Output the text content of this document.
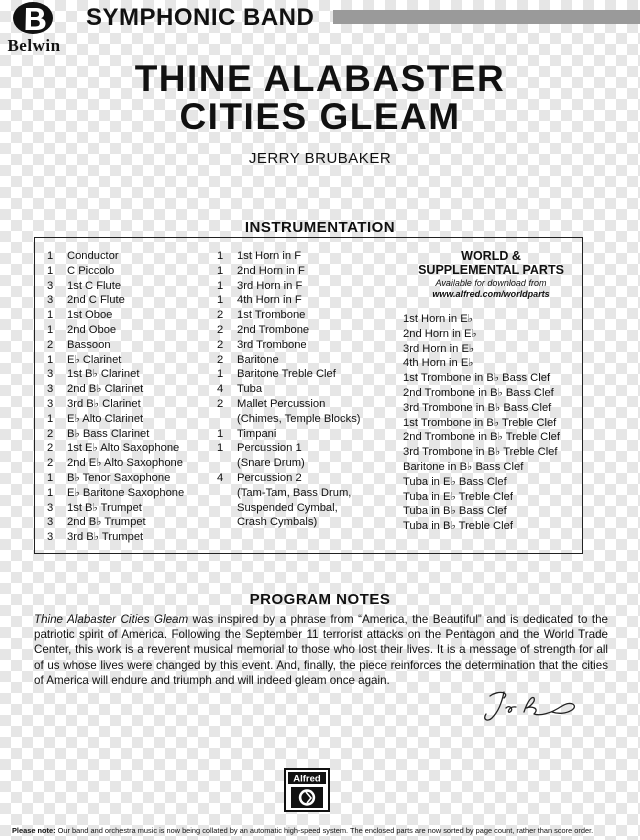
Belwin
SYMPHONIC BAND
THINE ALABASTER
CITIES GLEAM
JERRY BRUBAKER
INSTRUMENTATION
1 Conductor
1 C Piccolo
3 1st C Flute
3 2nd C Flute
1 1st Oboe
1 2nd Oboe
2 Bassoon
1 E♭ Clarinet
3 1st B♭ Clarinet
3 2nd B♭ Clarinet
3 3rd B♭ Clarinet
1 E♭ Alto Clarinet
2 B♭ Bass Clarinet
2 1st E♭ Alto Saxophone
2 2nd E♭ Alto Saxophone
1 B♭ Tenor Saxophone
1 E♭ Baritone Saxophone
3 1st B♭ Trumpet
3 2nd B♭ Trumpet
3 3rd B♭ Trumpet
1 1st Horn in F
1 2nd Horn in F
1 3rd Horn in F
1 4th Horn in F
2 1st Trombone
2 2nd Trombone
2 3rd Trombone
2 Baritone
1 Baritone Treble Clef
4 Tuba
2 Mallet Percussion
(Chimes, Temple Blocks)
1 Timpani
1 Percussion 1
(Snare Drum)
4 Percussion 2
(Tam-Tam, Bass Drum,
Suspended Cymbal,
Crash Cymbals)
WORLD &
SUPPLEMENTAL PARTS
Available for download from
www.alfred.com/worldparts
1st Horn in E♭
2nd Horn in E♭
3rd Horn in E♭
4th Horn in E♭
1st Trombone in B♭ Bass Clef
2nd Trombone in B♭ Bass Clef
3rd Trombone in B♭ Bass Clef
1st Trombone in B♭ Treble Clef
2nd Trombone in B♭ Treble Clef
3rd Trombone in B♭ Treble Clef
Baritone in B♭ Bass Clef
Tuba in E♭ Bass Clef
Tuba in E♭ Treble Clef
Tuba in B♭ Bass Clef
Tuba in B♭ Treble Clef
PROGRAM NOTES
Thine Alabaster Cities Gleam was inspired by a phrase from “America, the Beautiful” and is dedicated to the patriotic spirit of America. Following the September 11 terrorist attacks on the Pentagon and the World Trade Center, this work is a reverent musical memorial to those who lost their lives. It is a message of strength for all of us whose lives were changed by this event. And, finally, the piece reinforces the determination that the cities of America will endure and triumph and will indeed gleam once again.
Alfred
Please note: Our band and orchestra music is now being collated by an automatic high-speed system. The enclosed parts are now sorted by page count, rather than score order.
